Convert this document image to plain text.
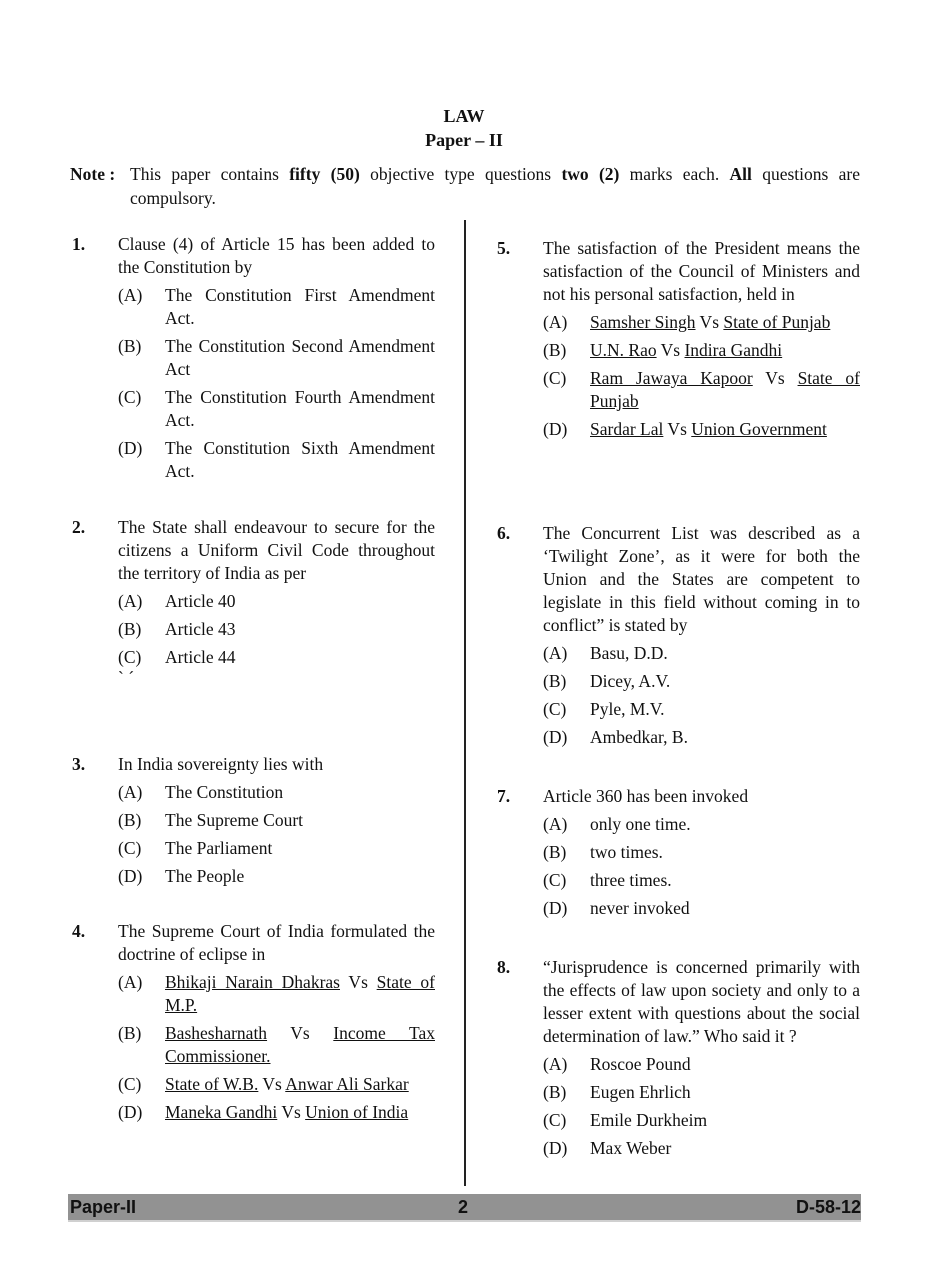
LAW
Paper – II
Note : This paper contains fifty (50) objective type questions two (2) marks each. All questions are compulsory.
1. Clause (4) of Article 15 has been added to the Constitution by
(A) The Constitution First Amendment Act.
(B) The Constitution Second Amendment Act
(C) The Constitution Fourth Amendment Act.
(D) The Constitution Sixth Amendment Act.
2. The State shall endeavour to secure for the citizens a Uniform Civil Code throughout the territory of India as per
(A) Article 40
(B) Article 43
(C) Article 44
` ´
3. In India sovereignty lies with
(A) The Constitution
(B) The Supreme Court
(C) The Parliament
(D) The People
4. The Supreme Court of India formulated the doctrine of eclipse in
(A) Bhikaji Narain Dhakras Vs State of M.P.
(B) Bashesharnath Vs Income Tax Commissioner.
(C) State of W.B. Vs Anwar Ali Sarkar
(D) Maneka Gandhi Vs Union of India
5. The satisfaction of the President means the satisfaction of the Council of Ministers and not his personal satisfaction, held in
(A) Samsher Singh Vs State of Punjab
(B) U.N. Rao Vs Indira Gandhi
(C) Ram Jawaya Kapoor Vs State of Punjab
(D) Sardar Lal Vs Union Government
6. The Concurrent List was described as a ‘Twilight Zone’, as it were for both the Union and the States are competent to legislate in this field without coming in to conflict” is stated by
(A) Basu, D.D.
(B) Dicey, A.V.
(C) Pyle, M.V.
(D) Ambedkar, B.
7. Article 360 has been invoked
(A) only one time.
(B) two times.
(C) three times.
(D) never invoked
8. “Jurisprudence is concerned primarily with the effects of law upon society and only to a lesser extent with questions about the social determination of law.” Who said it ?
(A) Roscoe Pound
(B) Eugen Ehrlich
(C) Emile Durkheim
(D) Max Weber
Paper-II	2	D-58-12
